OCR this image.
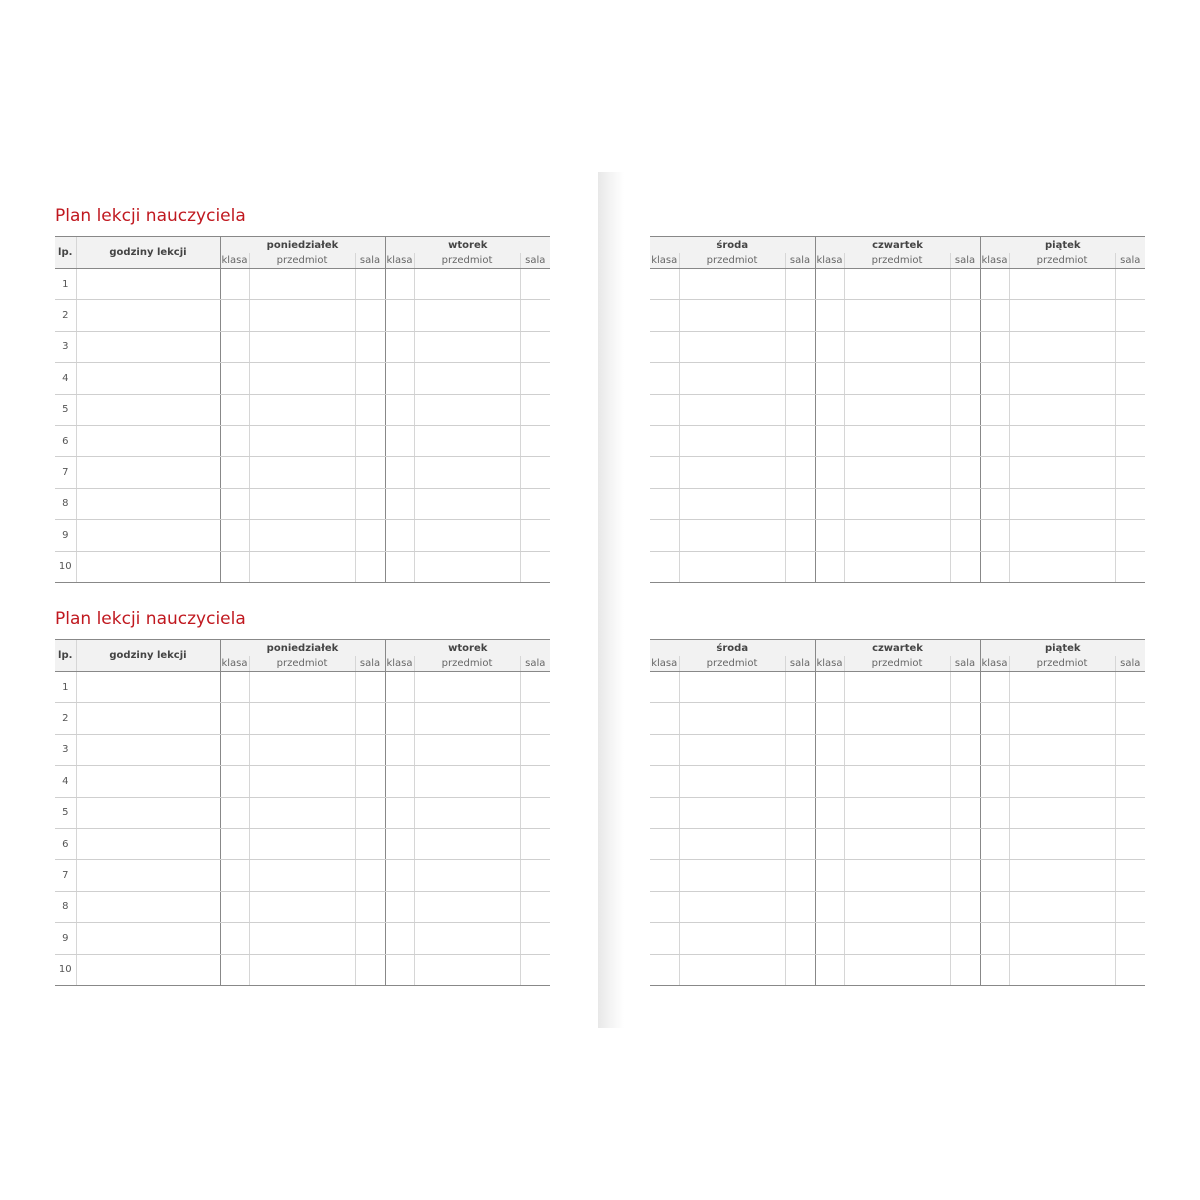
Plan lekcji nauczyciela
Plan lekcji nauczyciela
lp.	godziny lekcji	poniedziałek			wtorek		
		klasa	przedmiot	sala	klasa	przedmiot	sala
1							
2							
3							
4							
5							
6							
7							
8							
9							
10							
lp.	godziny lekcji	poniedziałek			wtorek		
		klasa	przedmiot	sala	klasa	przedmiot	sala
1							
2							
3							
4							
5							
6							
7							
8							
9							
10							
środa			czwartek			piątek		
klasa	przedmiot	sala	klasa	przedmiot	sala	klasa	przedmiot	sala

środa			czwartek			piątek		
klasa	przedmiot	sala	klasa	przedmiot	sala	klasa	przedmiot	sala
